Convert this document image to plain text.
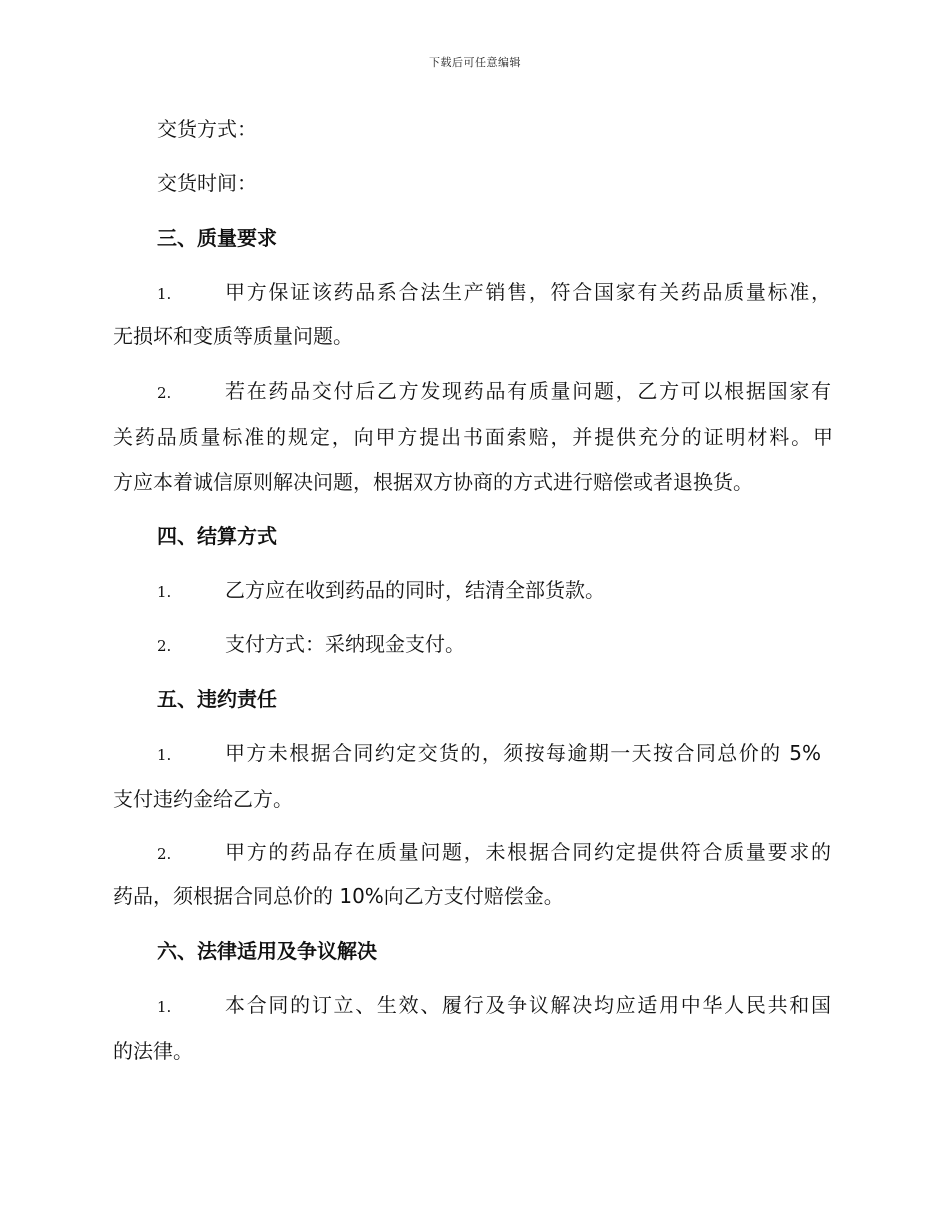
下载后可任意编辑
交货方式：
交货时间：
三、质量要求
1.	甲方保证该药品系合法生产销售，符合国家有关药品质量标准，
无损坏和变质等质量问题。
2.	若在药品交付后乙方发现药品有质量问题，乙方可以根据国家有
关药品质量标准的规定，向甲方提出书面索赔，并提供充分的证明材料。甲
方应本着诚信原则解决问题，根据双方协商的方式进行赔偿或者退换货。
四、结算方式
1.	乙方应在收到药品的同时，结清全部货款。
2.	支付方式：采纳现金支付。
五、违约责任
1.	甲方未根据合同约定交货的，须按每逾期一天按合同总价的 5%
支付违约金给乙方。
2.	甲方的药品存在质量问题，未根据合同约定提供符合质量要求的
药品，须根据合同总价的 10%向乙方支付赔偿金。
六、法律适用及争议解决
1.	本合同的订立、生效、履行及争议解决均应适用中华人民共和国
的法律。
